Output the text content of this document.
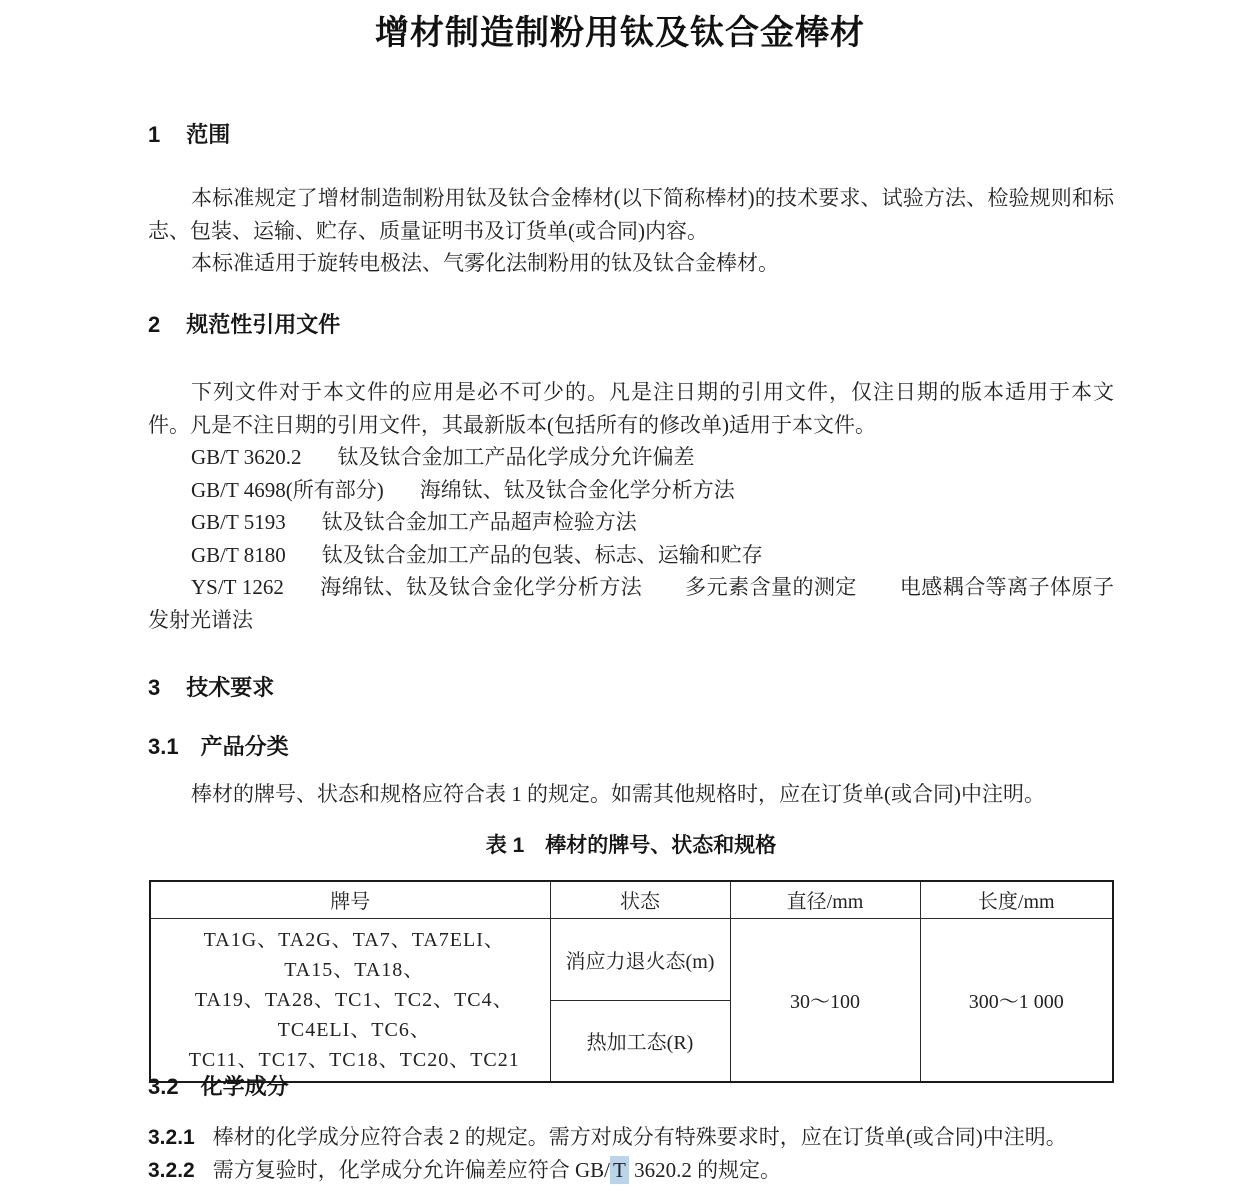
增材制造制粉用钛及钛合金棒材
1 范围
本标准规定了增材制造制粉用钛及钛合金棒材(以下简称棒材)的技术要求、试验方法、检验规则和标志、包装、运输、贮存、质量证明书及订货单(或合同)内容。
本标准适用于旋转电极法、气雾化法制粉用的钛及钛合金棒材。
2 规范性引用文件
下列文件对于本文件的应用是必不可少的。凡是注日期的引用文件，仅注日期的版本适用于本文件。凡是不注日期的引用文件，其最新版本(包括所有的修改单)适用于本文件。
GB/T 3620.2 钛及钛合金加工产品化学成分允许偏差
GB/T 4698(所有部分) 海绵钛、钛及钛合金化学分析方法
GB/T 5193 钛及钛合金加工产品超声检验方法
GB/T 8180 钛及钛合金加工产品的包装、标志、运输和贮存
YS/T 1262 海绵钛、钛及钛合金化学分析方法　　多元素含量的测定　　电感耦合等离子体原子发射光谱法
3 技术要求
3.1 产品分类
棒材的牌号、状态和规格应符合表 1 的规定。如需其他规格时，应在订货单(或合同)中注明。
表 1　棒材的牌号、状态和规格
牌号	状态	直径/mm	长度/mm

TA1G、TA2G、TA7、TA7ELI、TA15、TA18、
TA19、TA28、TC1、TC2、TC4、TC4ELI、TC6、
TC11、TC17、TC18、TC20、TC21	消应力退火态(m)	30～100	300～1 000
	热加工态(R)		
3.2 化学成分
3.2.1 棒材的化学成分应符合表 2 的规定。需方对成分有特殊要求时，应在订货单(或合同)中注明。
3.2.2 需方复验时，化学成分允许偏差应符合 GB/ T 3620.2 的规定。
